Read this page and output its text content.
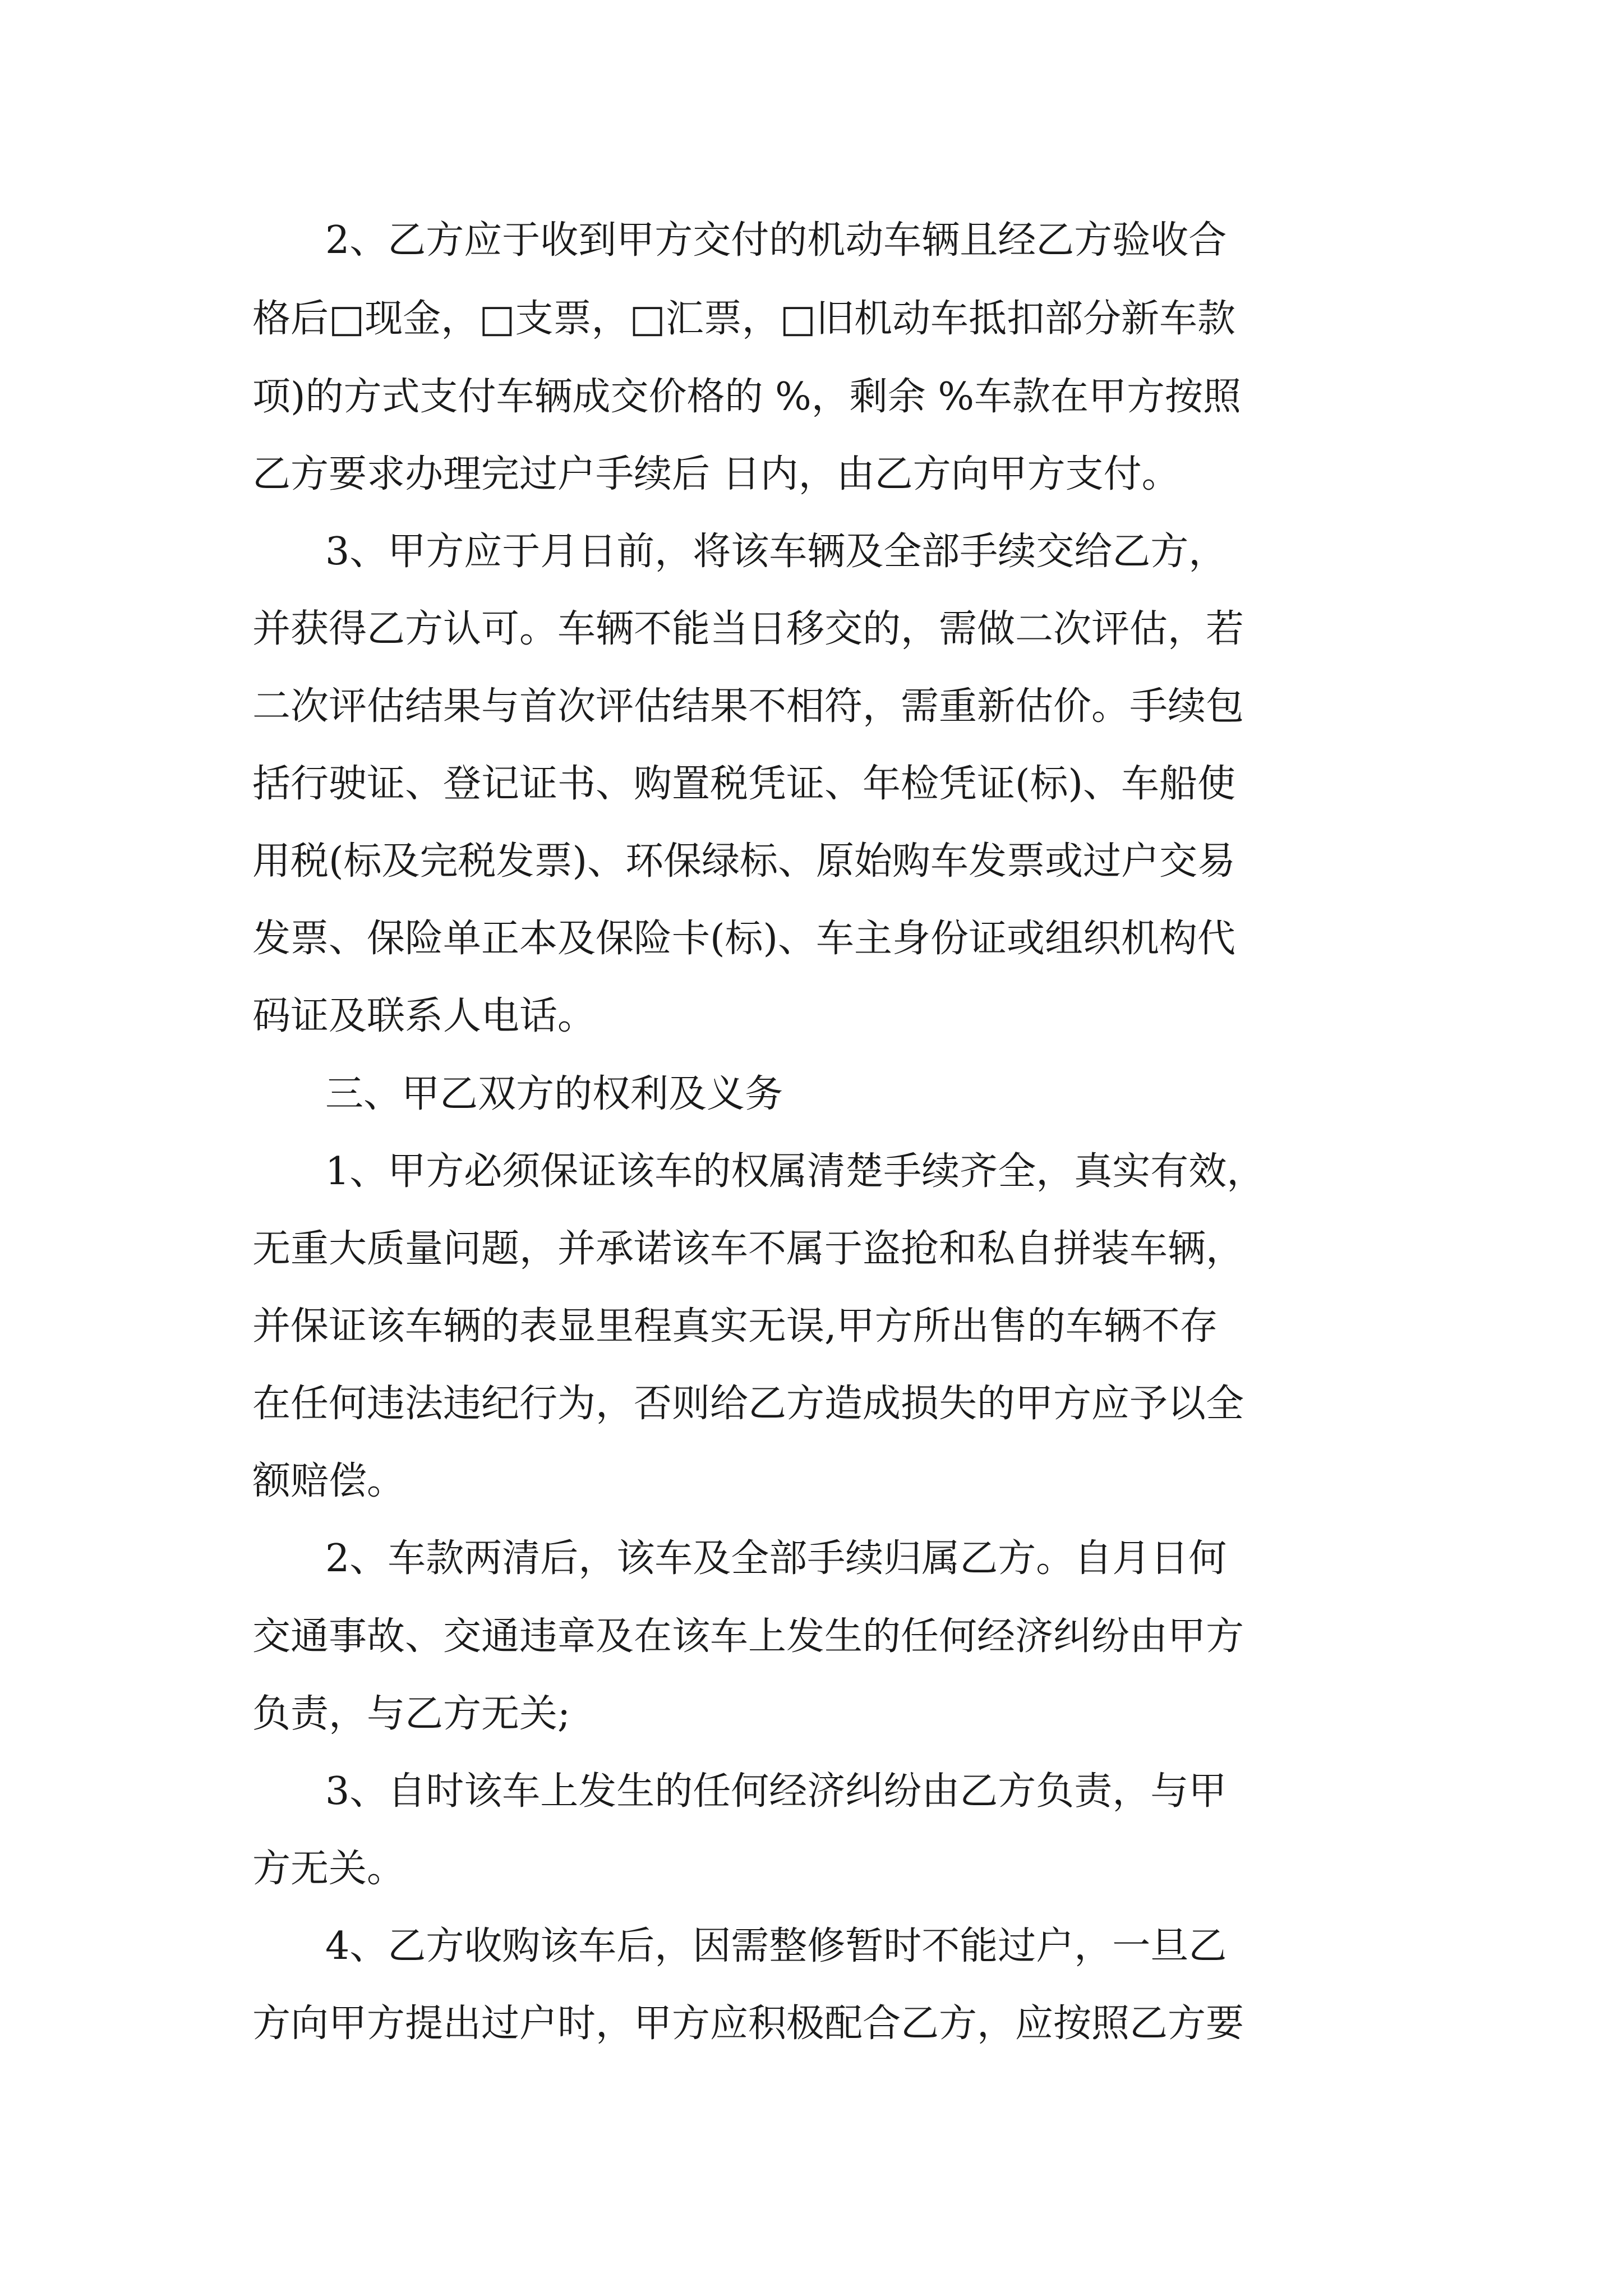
2、乙方应于收到甲方交付的机动车辆且经乙方验收合
格后□现金，□支票，□汇票，□旧机动车抵扣部分新车款
项)的方式支付车辆成交价格的 %，剩余 %车款在甲方按照
乙方要求办理完过户手续后 日内，由乙方向甲方支付。
3、甲方应于月日前，将该车辆及全部手续交给乙方，
并获得乙方认可。车辆不能当日移交的，需做二次评估，若
二次评估结果与首次评估结果不相符，需重新估价。手续包
括行驶证、登记证书、购置税凭证、年检凭证(标)、车船使
用税(标及完税发票)、环保绿标、原始购车发票或过户交易
发票、保险单正本及保险卡(标)、车主身份证或组织机构代
码证及联系人电话。
三、甲乙双方的权利及义务
1、甲方必须保证该车的权属清楚手续齐全，真实有效，
无重大质量问题，并承诺该车不属于盗抢和私自拼装车辆，
并保证该车辆的表显里程真实无误,甲方所出售的车辆不存
在任何违法违纪行为，否则给乙方造成损失的甲方应予以全
额赔偿。
2、车款两清后，该车及全部手续归属乙方。自月日何
交通事故、交通违章及在该车上发生的任何经济纠纷由甲方
负责，与乙方无关;
3、自时该车上发生的任何经济纠纷由乙方负责，与甲
方无关。
4、乙方收购该车后，因需整修暂时不能过户，一旦乙
方向甲方提出过户时，甲方应积极配合乙方，应按照乙方要
